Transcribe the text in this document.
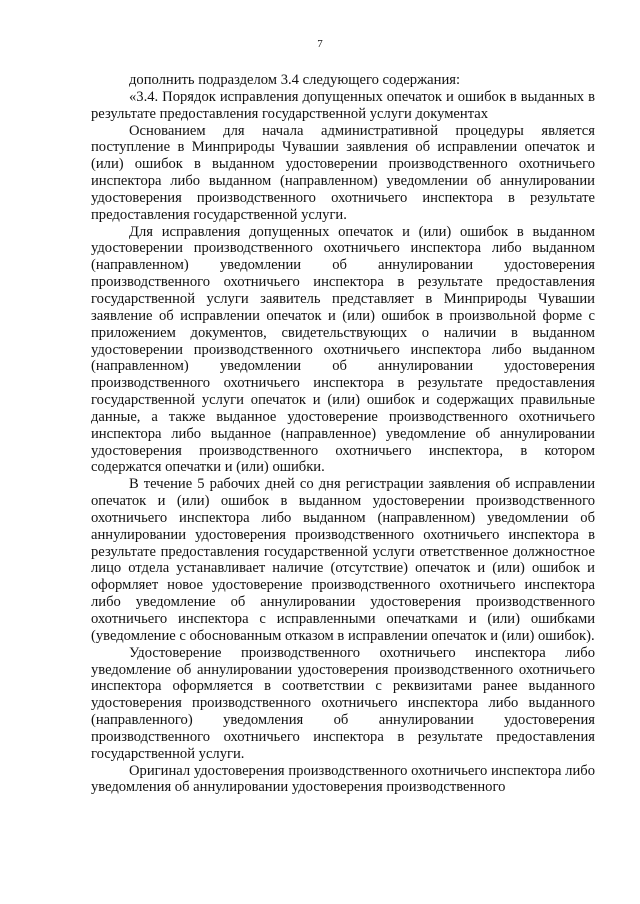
7

дополнить подразделом 3.4 следующего содержания:

«3.4. Порядок исправления допущенных опечаток и ошибок в выданных в результате предоставления государственной услуги документах

Основанием для начала административной процедуры является поступление в Минприроды Чувашии заявления об исправлении опечаток и (или) ошибок в выданном удостоверении производственного охотничьего инспектора либо выданном (направленном) уведомлении об аннулировании удостоверения производственного охотничьего инспектора в результате предоставления государственной услуги.

Для исправления допущенных опечаток и (или) ошибок в выданном удостоверении производственного охотничьего инспектора либо выданном (направленном) уведомлении об аннулировании удостоверения производственного охотничьего инспектора в результате предоставления государственной услуги заявитель представляет в Минприроды Чувашии заявление об исправлении опечаток и (или) ошибок в произвольной форме с приложением документов, свидетельствующих о наличии в выданном удостоверении производственного охотничьего инспектора либо выданном (направленном) уведомлении об аннулировании удостоверения производственного охотничьего инспектора в результате предоставления государственной услуги опечаток и (или) ошибок и содержащих правильные данные, а также выданное удостоверение производственного охотничьего инспектора либо выданное (направленное) уведомление об аннулировании удостоверения производственного охотничьего инспектора, в котором содержатся опечатки и (или) ошибки.

В течение 5 рабочих дней со дня регистрации заявления об исправлении опечаток и (или) ошибок в выданном удостоверении производственного охотничьего инспектора либо выданном (направленном) уведомлении об аннулировании удостоверения производственного охотничьего инспектора в результате предоставления государственной услуги ответственное должностное лицо отдела устанавливает наличие (отсутствие) опечаток и (или) ошибок и оформляет новое удостоверение производственного охотничьего инспектора либо уведомление об аннулировании удостоверения производственного охотничьего инспектора с исправленными опечатками и (или) ошибками (уведомление с обоснованным отказом в исправлении опечаток и (или) ошибок).

Удостоверение производственного охотничьего инспектора либо уведомление об аннулировании удостоверения производственного охотничьего инспектора оформляется в соответствии с реквизитами ранее выданного удостоверения производственного охотничьего инспектора либо выданного (направленного) уведомления об аннулировании удостоверения производственного охотничьего инспектора в результате предоставления государственной услуги.

Оригинал удостоверения производственного охотничьего инспектора либо уведомления об аннулировании удостоверения производственного
